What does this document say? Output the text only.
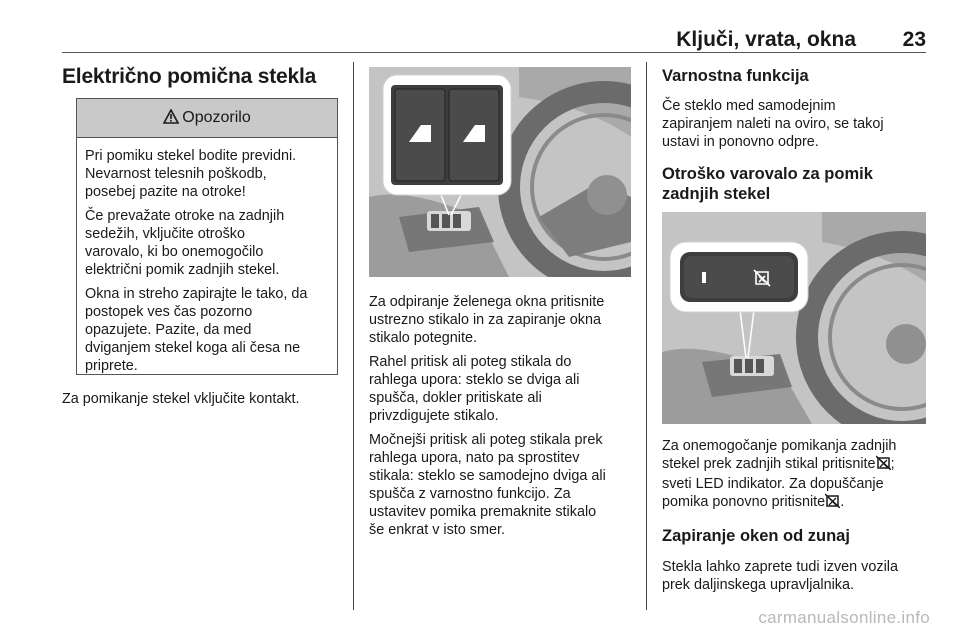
Ključi, vrata, okna 23
Električno pomična stekla
Opozorilo

Pri pomiku stekel bodite previdni.
Nevarnost telesnih poškodb,
posebej pazite na otroke!

Če prevažate otroke na zadnjih
sedežih, vključite otroško
varovalo, ki bo onemogočilo
električni pomik zadnjih stekel.

Okna in streho zapirajte le tako, da
postopek ves čas pozorno
opazujete. Pazite, da med
dviganjem stekel koga ali česa ne
priprete.

Za pomikanje stekel vključite kontakt.

Za odpiranje želenega okna pritisnite
ustrezno stikalo in za zapiranje okna
stikalo potegnite.

Rahel pritisk ali poteg stikala do
rahlega upora: steklo se dviga ali
spušča, dokler pritiskate ali
privzdigujete stikalo.

Močnejši pritisk ali poteg stikala prek
rahlega upora, nato pa sprostitev
stikala: steklo se samodejno dviga ali
spušča z varnostno funkcijo. Za
ustavitev pomika premaknite stikalo
še enkrat v isto smer.

Varnostna funkcija

Če steklo med samodejnim
zapiranjem naleti na oviro, se takoj
ustavi in ponovno odpre.

Otroško varovalo za pomik
zadnjih stekel

Za onemogočanje pomikanja zadnjih
stekel prek zadnjih stikal pritisnite ;
sveti LED indikator. Za dopuščanje
pomika ponovno pritisnite .

Zapiranje oken od zunaj

Stekla lahko zaprete tudi izven vozila
prek daljinskega upravljalnika.

carmanualsonline.info
